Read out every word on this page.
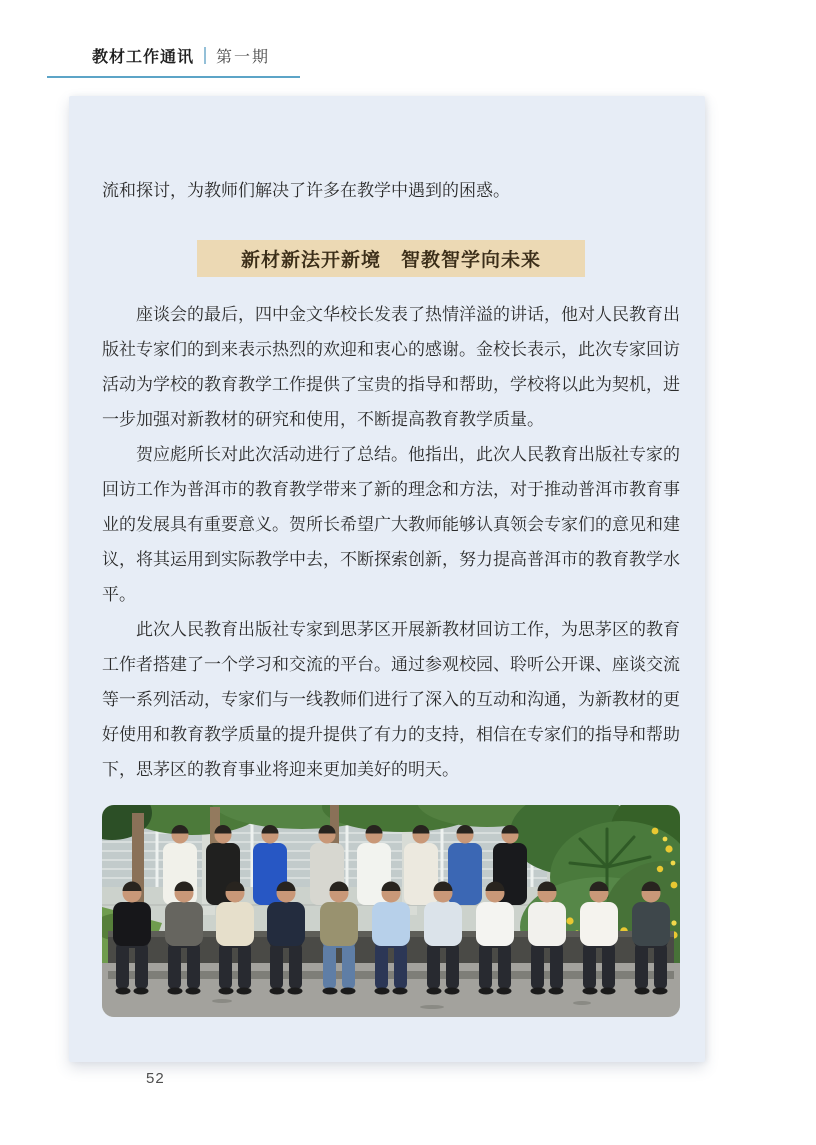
教材工作通讯 第一期

流和探讨，为教师们解决了许多在教学中遇到的困惑。

新材新法开新境　智教智学向未来

座谈会的最后，四中金文华校长发表了热情洋溢的讲话，他对人民教育出版社专家们的到来表示热烈的欢迎和衷心的感谢。金校长表示，此次专家回访活动为学校的教育教学工作提供了宝贵的指导和帮助，学校将以此为契机，进一步加强对新教材的研究和使用，不断提高教育教学质量。

贺应彪所长对此次活动进行了总结。他指出，此次人民教育出版社专家的回访工作为普洱市的教育教学带来了新的理念和方法，对于推动普洱市教育事业的发展具有重要意义。贺所长希望广大教师能够认真领会专家们的意见和建议，将其运用到实际教学中去，不断探索创新，努力提高普洱市的教育教学水平。

此次人民教育出版社专家到思茅区开展新教材回访工作，为思茅区的教育工作者搭建了一个学习和交流的平台。通过参观校园、聆听公开课、座谈交流等一系列活动，专家们与一线教师们进行了深入的互动和沟通，为新教材的更好使用和教育教学质量的提升提供了有力的支持，相信在专家们的指导和帮助下，思茅区的教育事业将迎来更加美好的明天。

52
